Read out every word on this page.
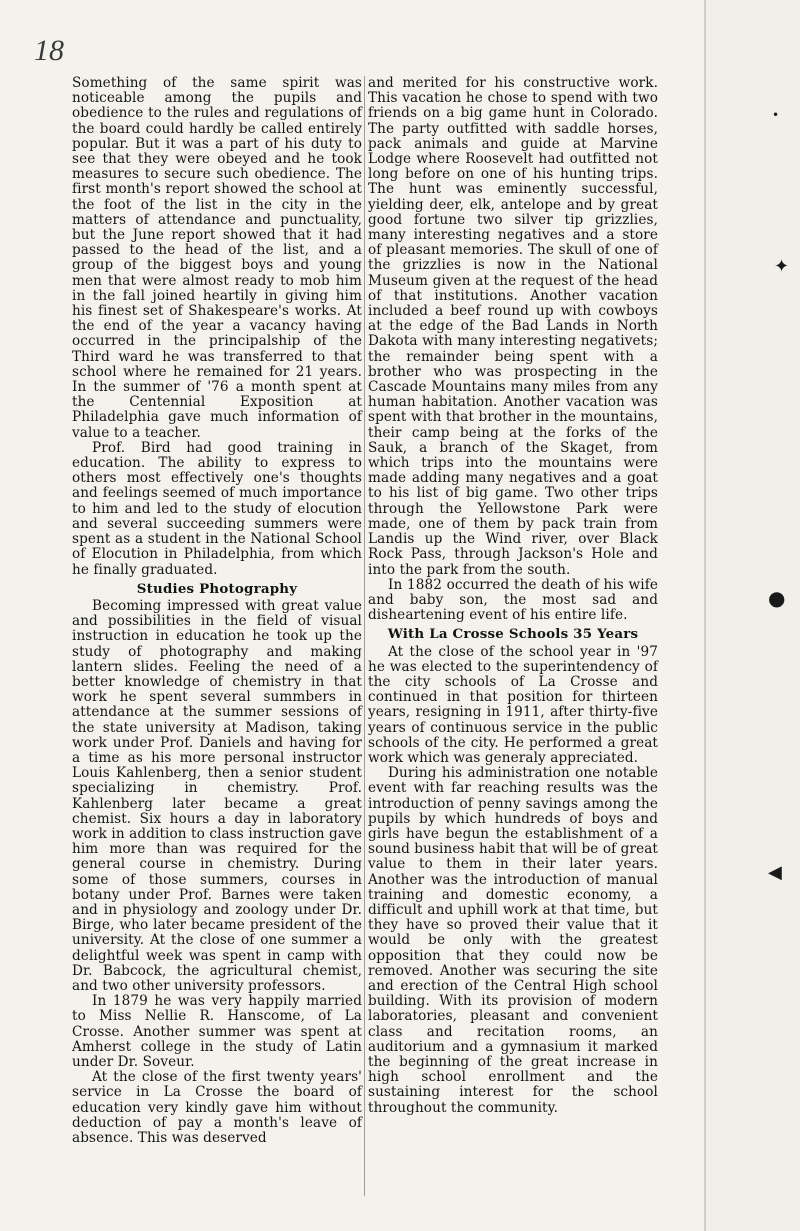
18

Something of the same spirit was noticeable among the pupils and obedience to the rules and regulations of the board could hardly be called entirely popular. But it was a part of his duty to see that they were obeyed and he took measures to secure such obedience. The first month's report showed the school at the foot of the list in the city in the matters of attendance and punctuality, but the June report showed that it had passed to the head of the list, and a group of the biggest boys and young men that were almost ready to mob him in the fall joined heartily in giving him his finest set of Shakespeare's works. At the end of the year a vacancy having occurred in the principalship of the Third ward he was transferred to that school where he remained for 21 years. In the summer of '76 a month spent at the Centennial Exposition at Philadelphia gave much information of value to a teacher.

Prof. Bird had good training in education. The ability to express to others most effectively one's thoughts and feelings seemed of much importance to him and led to the study of elocution and several succeeding summers were spent as a student in the National School of Elocution in Philadelphia, from which he finally graduated.

Studies Photography

Becoming impressed with great value and possibilities in the field of visual instruction in education he took up the study of photography and making lantern slides. Feeling the need of a better knowledge of chemistry in that work he spent several summbers in attendance at the summer sessions of the state university at Madison, taking work under Prof. Daniels and having for a time as his more personal instructor Louis Kahlenberg, then a senior student specializing in chemistry. Prof. Kahlenberg later became a great chemist. Six hours a day in laboratory work in addition to class instruction gave him more than was required for the general course in chemistry. During some of those summers, courses in botany under Prof. Barnes were taken and in physiology and zoology under Dr. Birge, who later became president of the university. At the close of one summer a delightful week was spent in camp with Dr. Babcock, the agricultural chemist, and two other university professors.

In 1879 he was very happily married to Miss Nellie R. Hanscome, of La Crosse. Another summer was spent at Amherst college in the study of Latin under Dr. Soveur.

At the close of the first twenty years' service in La Crosse the board of education very kindly gave him without deduction of pay a month's leave of absence. This was deserved

and merited for his constructive work. This vacation he chose to spend with two friends on a big game hunt in Colorado. The party outfitted with saddle horses, pack animals and guide at Marvine Lodge where Roosevelt had outfitted not long before on one of his hunting trips. The hunt was eminently successful, yielding deer, elk, antelope and by great good fortune two silver tip grizzlies, many interesting negatives and a store of pleasant memories. The skull of one of the grizzlies is now in the National Museum given at the request of the head of that institutions. Another vacation included a beef round up with cowboys at the edge of the Bad Lands in North Dakota with many interesting negativets; the remainder being spent with a brother who was prospecting in the Cascade Mountains many miles from any human habitation. Another vacation was spent with that brother in the mountains, their camp being at the forks of the Sauk, a branch of the Skaget, from which trips into the mountains were made adding many negatives and a goat to his list of big game. Two other trips through the Yellowstone Park were made, one of them by pack train from Landis up the Wind river, over Black Rock Pass, through Jackson's Hole and into the park from the south.

In 1882 occurred the death of his wife and baby son, the most sad and disheartening event of his entire life.

With La Crosse Schools 35 Years

At the close of the school year in '97 he was elected to the superintendency of the city schools of La Crosse and continued in that position for thirteen years, resigning in 1911, after thirty-five years of continuous service in the public schools of the city. He performed a great work which was generaly appreciated.

During his administration one notable event with far reaching results was the introduction of penny savings among the pupils by which hundreds of boys and girls have begun the establishment of a sound business habit that will be of great value to them in their later years. Another was the introduction of manual training and domestic economy, a difficult and uphill work at that time, but they have so proved their value that it would be only with the greatest opposition that they could now be removed. Another was securing the site and erection of the Central High school building. With its provision of modern laboratories, pleasant and convenient class and recitation rooms, an auditorium and a gymnasium it marked the beginning of the great increase in high school enrollment and the sustaining interest for the school throughout the community.

•
✦
●
◀
